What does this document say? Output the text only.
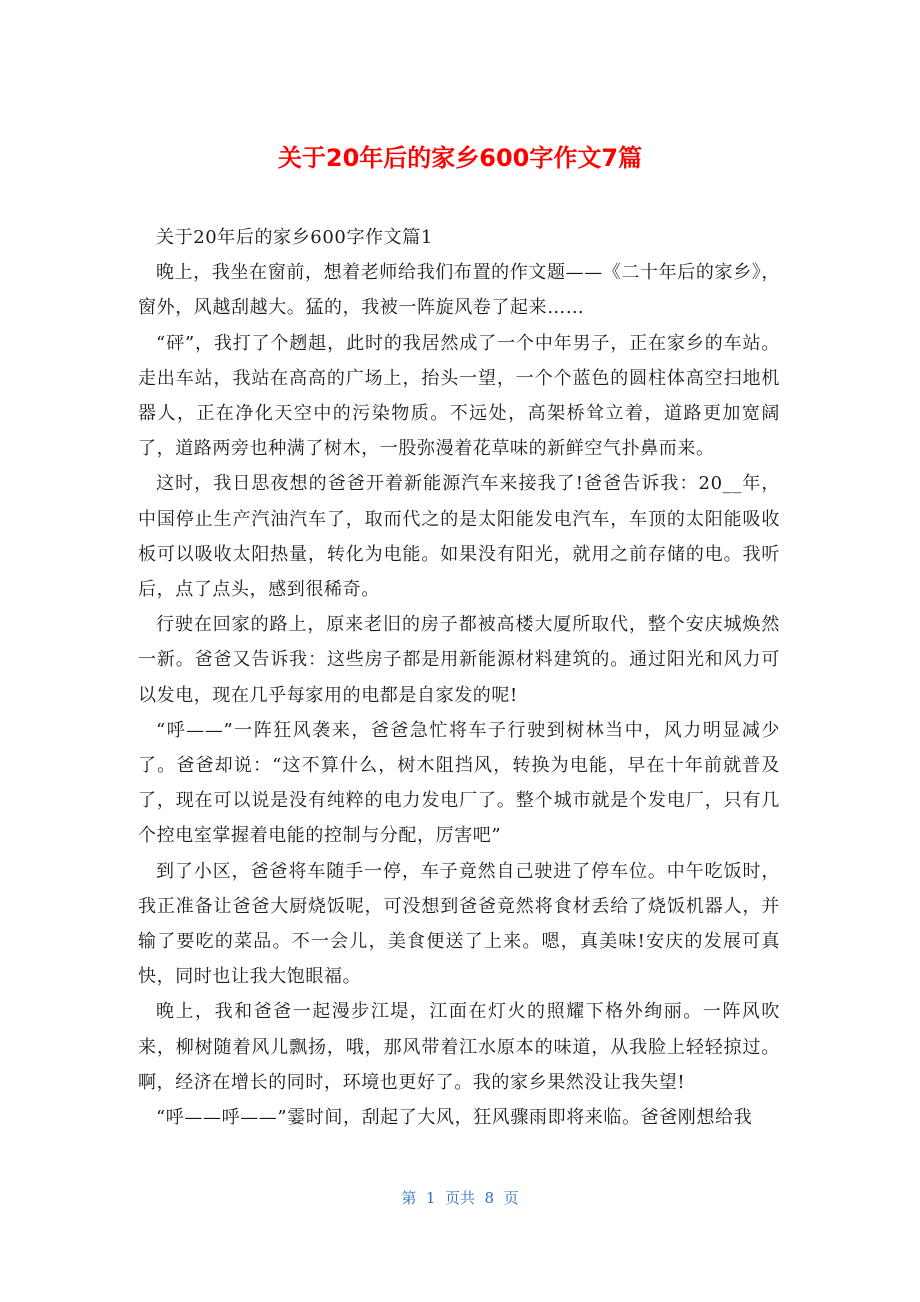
关于20年后的家乡600字作文7篇

关于20年后的家乡600字作文篇1

晚上，我坐在窗前，想着老师给我们布置的作文题——《二十年后的家乡》，窗外，风越刮越大。猛的，我被一阵旋风卷了起来……

“砰”，我打了个趔趄，此时的我居然成了一个中年男子，正在家乡的车站。走出车站，我站在高高的广场上，抬头一望，一个个蓝色的圆柱体高空扫地机器人，正在净化天空中的污染物质。不远处，高架桥耸立着，道路更加宽阔了，道路两旁也种满了树木，一股弥漫着花草味的新鲜空气扑鼻而来。

这时，我日思夜想的爸爸开着新能源汽车来接我了!爸爸告诉我：20__年，中国停止生产汽油汽车了，取而代之的是太阳能发电汽车，车顶的太阳能吸收板可以吸收太阳热量，转化为电能。如果没有阳光，就用之前存储的电。我听后，点了点头，感到很稀奇。

行驶在回家的路上，原来老旧的房子都被高楼大厦所取代，整个安庆城焕然一新。爸爸又告诉我：这些房子都是用新能源材料建筑的。通过阳光和风力可以发电，现在几乎每家用的电都是自家发的呢!

“呼——”一阵狂风袭来，爸爸急忙将车子行驶到树林当中，风力明显减少了。爸爸却说：“这不算什么，树木阻挡风，转换为电能，早在十年前就普及了，现在可以说是没有纯粹的电力发电厂了。整个城市就是个发电厂，只有几个控电室掌握着电能的控制与分配，厉害吧”

到了小区，爸爸将车随手一停，车子竟然自己驶进了停车位。中午吃饭时，我正准备让爸爸大厨烧饭呢，可没想到爸爸竟然将食材丢给了烧饭机器人，并输了要吃的菜品。不一会儿，美食便送了上来。嗯，真美味!安庆的发展可真快，同时也让我大饱眼福。

晚上，我和爸爸一起漫步江堤，江面在灯火的照耀下格外绚丽。一阵风吹来，柳树随着风儿飘扬，哦，那风带着江水原本的味道，从我脸上轻轻掠过。啊，经济在增长的同时，环境也更好了。我的家乡果然没让我失望!

“呼——呼——”霎时间，刮起了大风，狂风骤雨即将来临。爸爸刚想给我

第  1  页共  8  页
